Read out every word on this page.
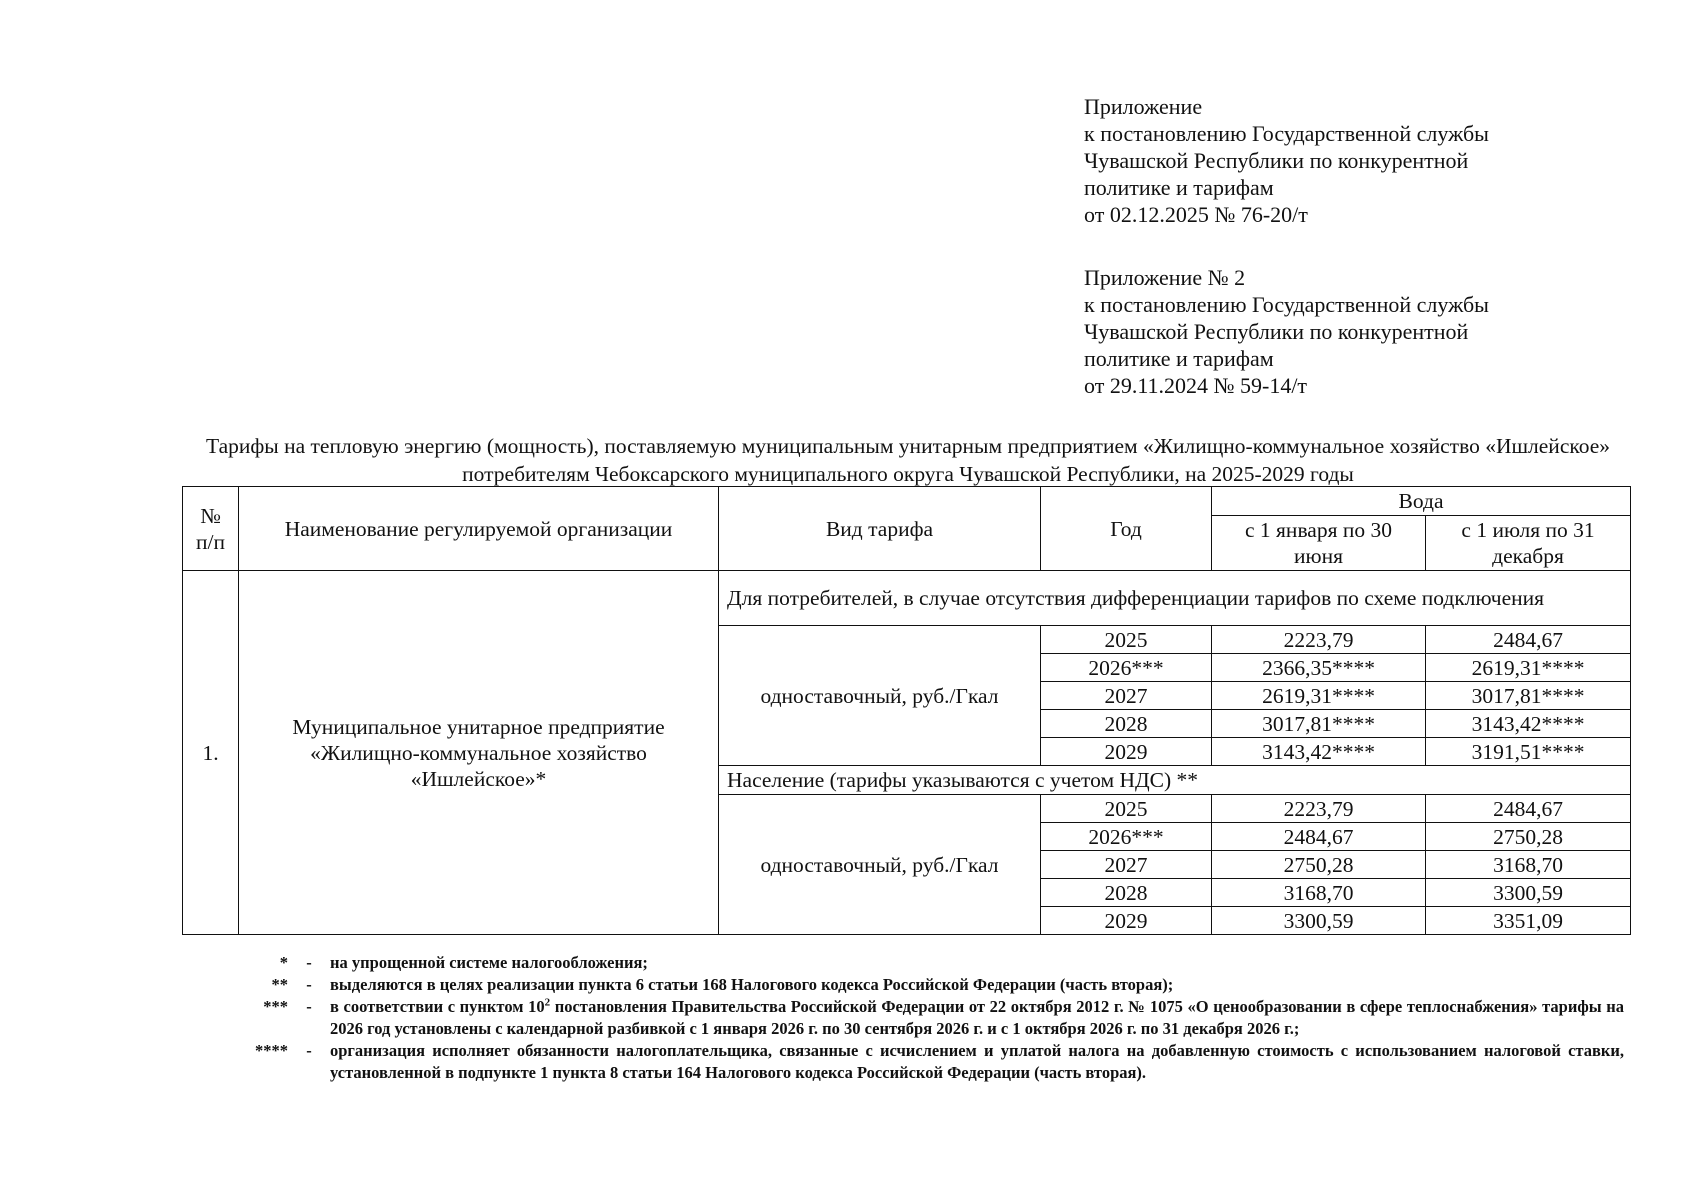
Приложение
к постановлению Государственной службы
Чувашской Республики по конкурентной
политике и тарифам
от 02.12.2025 № 76-20/т
Приложение № 2
к постановлению Государственной службы
Чувашской Республики по конкурентной
политике и тарифам
от 29.11.2024 № 59-14/т
Тарифы на тепловую энергию (мощность), поставляемую муниципальным унитарным предприятием «Жилищно-коммунальное хозяйство «Ишлейское» потребителям Чебоксарского муниципального округа Чувашской Республики, на 2025-2029 годы
№ п/п	Наименование регулируемой организации	Вид тарифа	Год	Вода	
				с 1 января по 30 июня	с 1 июля по 31 декабря
1.	Муниципальное унитарное предприятие «Жилищно-коммунальное хозяйство «Ишлейское»*	Для потребителей, в случае отсутствия дифференциации тарифов по схеме подключения			
		одноставочный, руб./Гкал	2025	2223,79	2484,67
			2026***	2366,35****	2619,31****
			2027	2619,31****	3017,81****
			2028	3017,81****	3143,42****
			2029	3143,42****	3191,51****
		Население (тарифы указываются с учетом НДС) **			
		одноставочный, руб./Гкал	2025	2223,79	2484,67
			2026***	2484,67	2750,28
			2027	2750,28	3168,70
			2028	3168,70	3300,59
			2029	3300,59	3351,09
*	-	на упрощенной системе налогообложения;
**	-	выделяются в целях реализации пункта 6 статьи 168 Налогового кодекса Российской Федерации (часть вторая);
***	-	в соответствии с пунктом $10^2$ постановления Правительства Российской Федерации от 22 октября 2012 г. № 1075 «О ценообразовании в сфере теплоснабжения» тарифы на 2026 год установлены с календарной разбивкой с 1 января 2026 г. по 30 сентября 2026 г. и с 1 октября 2026 г. по 31 декабря 2026 г.;
****	-	организация исполняет обязанности налогоплательщика, связанные с исчислением и уплатой налога на добавленную стоимость с использованием налоговой ставки, установленной в подпункте 1 пункта 8 статьи 164 Налогового кодекса Российской Федерации (часть вторая).
